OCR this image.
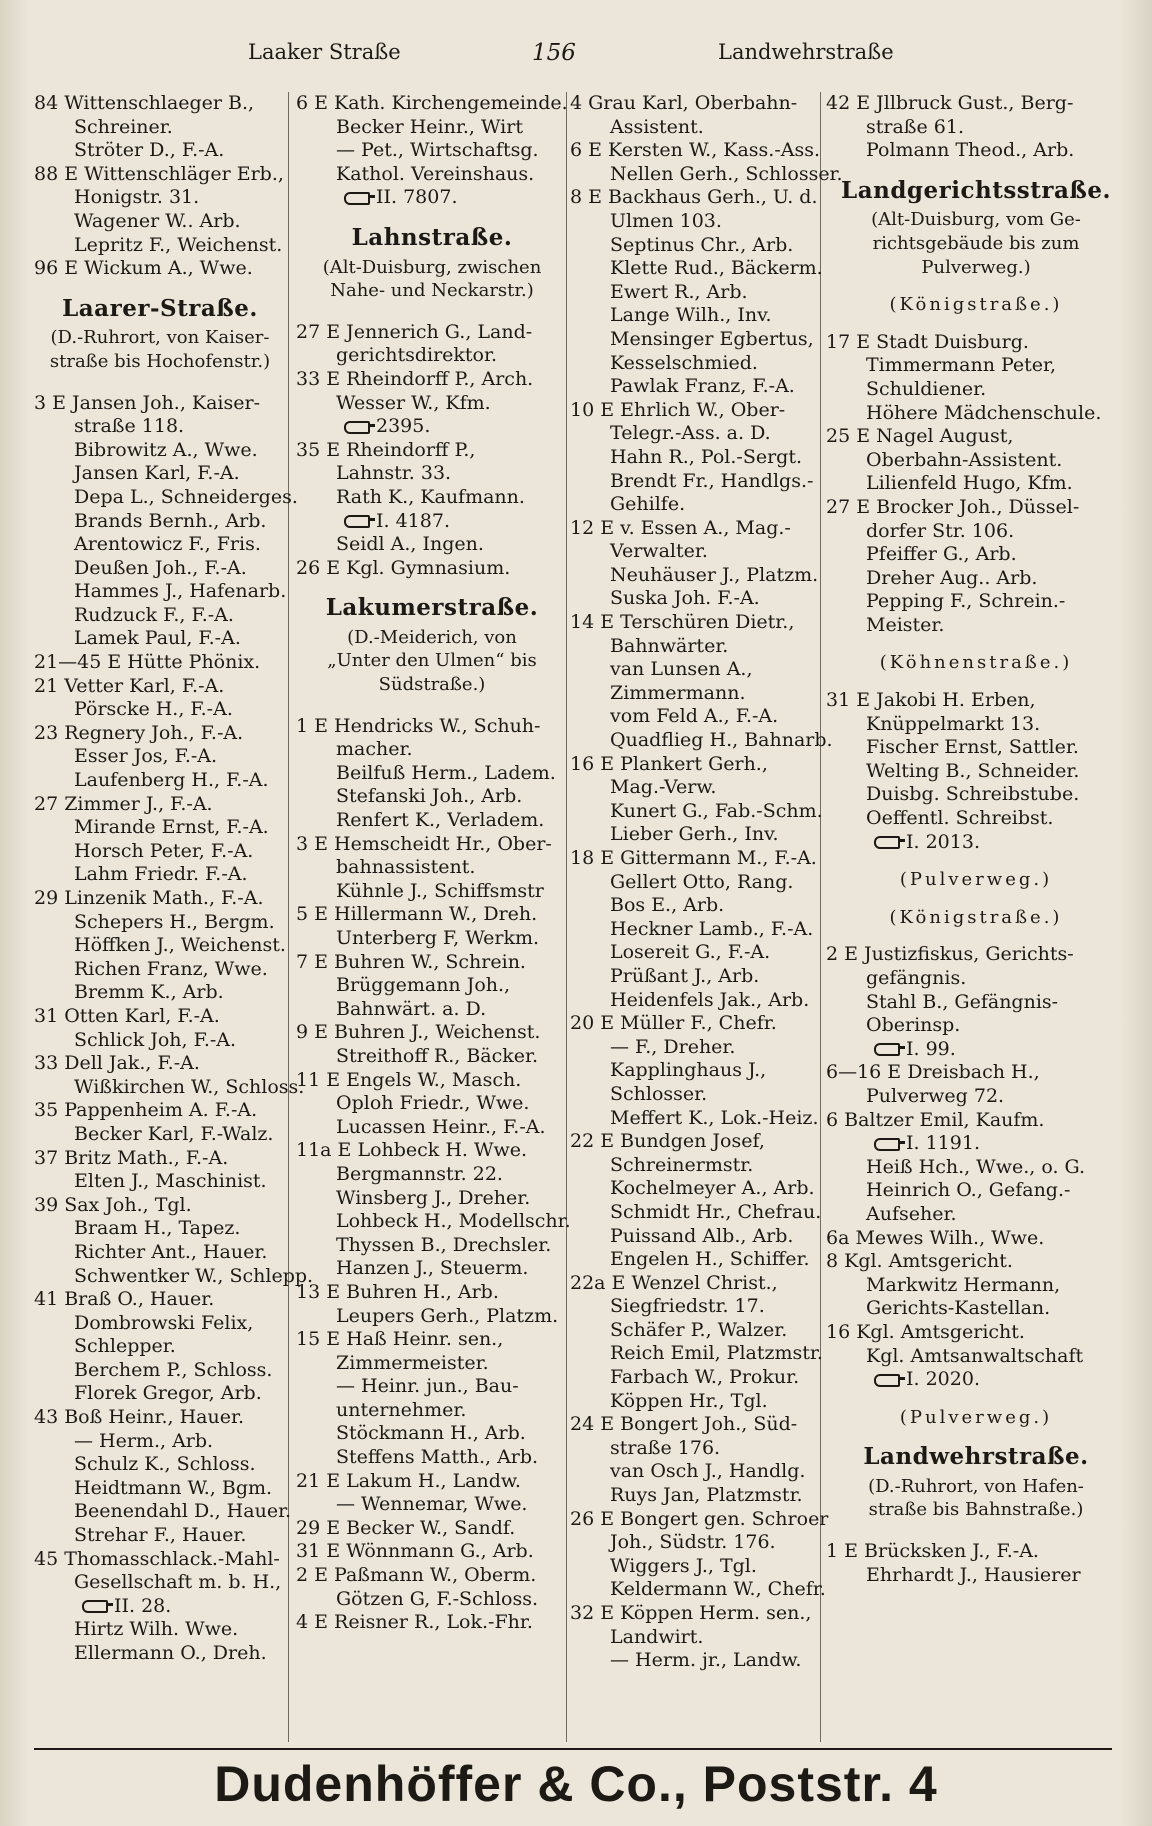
Laaker Straße	156	Landwehrstraße
84 Wittenschlaeger B.,
Schreiner.
Ströter D., F.-A.
88 E Wittenschläger Erb.,
Honigstr. 31.
Wagener W.. Arb.
Lepritz F., Weichenst.
96 E Wickum A., Wwe.
Laarer-Straße.
(D.-Ruhrort, von Kaiser-
straße bis Hochofenstr.)
3 E Jansen Joh., Kaiser-
straße 118.
Bibrowitz A., Wwe.
Jansen Karl, F.-A.
Depa L., Schneiderges.
Brands Bernh., Arb.
Arentowicz F., Fris.
Deußen Joh., F.-A.
Hammes J., Hafenarb.
Rudzuck F., F.-A.
Lamek Paul, F.-A.
21—45 E Hütte Phönix.
21 Vetter Karl, F.-A.
Pörscke H., F.-A.
23 Regnery Joh., F.-A.
Esser Jos, F.-A.
Laufenberg H., F.-A.
27 Zimmer J., F.-A.
Mirande Ernst, F.-A.
Horsch Peter, F.-A.
Lahm Friedr. F.-A.
29 Linzenik Math., F.-A.
Schepers H., Bergm.
Höffken J., Weichenst.
Richen Franz, Wwe.
Bremm K., Arb.
31 Otten Karl, F.-A.
Schlick Joh, F.-A.
33 Dell Jak., F.-A.
Wißkirchen W., Schloss.
35 Pappenheim A. F.-A.
Becker Karl, F.-Walz.
37 Britz Math., F.-A.
Elten J., Maschinist.
39 Sax Joh., Tgl.
Braam H., Tapez.
Richter Ant., Hauer.
Schwentker W., Schlepp.
41 Braß O., Hauer.
Dombrowski Felix,
Schlepper.
Berchem P., Schloss.
Florek Gregor, Arb.
43 Boß Heinr., Hauer.
— Herm., Arb.
Schulz K., Schloss.
Heidtmann W., Bgm.
Beenendahl D., Hauer.
Strehar F., Hauer.
45 Thomasschlack.-Mahl-
Gesellschaft m. b. H.,
II. 28.
Hirtz Wilh. Wwe.
Ellermann O., Dreh.
6 E Kath. Kirchengemeinde.
Becker Heinr., Wirt
— Pet., Wirtschaftsg.
Kathol. Vereinshaus.
II. 7807.
Lahnstraße.
(Alt-Duisburg, zwischen
Nahe- und Neckarstr.)
27 E Jennerich G., Land-
gerichtsdirektor.
33 E Rheindorff P., Arch.
Wesser W., Kfm.
2395.
35 E Rheindorff P.,
Lahnstr. 33.
Rath K., Kaufmann.
I. 4187.
Seidl A., Ingen.
26 E Kgl. Gymnasium.
Lakumerstraße.
(D.-Meiderich, von
„Unter den Ulmen“ bis
Südstraße.)
1 E Hendricks W., Schuh-
macher.
Beilfuß Herm., Ladem.
Stefanski Joh., Arb.
Renfert K., Verladem.
3 E Hemscheidt Hr., Ober-
bahnassistent.
Kühnle J., Schiffsmstr
5 E Hillermann W., Dreh.
Unterberg F, Werkm.
7 E Buhren W., Schrein.
Brüggemann Joh.,
Bahnwärt. a. D.
9 E Buhren J., Weichenst.
Streithoff R., Bäcker.
11 E Engels W., Masch.
Oploh Friedr., Wwe.
Lucassen Heinr., F.-A.
11a E Lohbeck H. Wwe.
Bergmannstr. 22.
Winsberg J., Dreher.
Lohbeck H., Modellschr.
Thyssen B., Drechsler.
Hanzen J., Steuerm.
13 E Buhren H., Arb.
Leupers Gerh., Platzm.
15 E Haß Heinr. sen.,
Zimmermeister.
— Heinr. jun., Bau-
unternehmer.
Stöckmann H., Arb.
Steffens Matth., Arb.
21 E Lakum H., Landw.
— Wennemar, Wwe.
29 E Becker W., Sandf.
31 E Wönnmann G., Arb.
2 E Paßmann W., Oberm.
Götzen G, F.-Schloss.
4 E Reisner R., Lok.-Fhr.
4 Grau Karl, Oberbahn-
Assistent.
6 E Kersten W., Kass.-Ass.
Nellen Gerh., Schlosser.
8 E Backhaus Gerh., U. d.
Ulmen 103.
Septinus Chr., Arb.
Klette Rud., Bäckerm.
Ewert R., Arb.
Lange Wilh., Inv.
Mensinger Egbertus,
Kesselschmied.
Pawlak Franz, F.-A.
10 E Ehrlich W., Ober-
Telegr.-Ass. a. D.
Hahn R., Pol.-Sergt.
Brendt Fr., Handlgs.-
Gehilfe.
12 E v. Essen A., Mag.-
Verwalter.
Neuhäuser J., Platzm.
Suska Joh. F.-A.
14 E Terschüren Dietr.,
Bahnwärter.
van Lunsen A.,
Zimmermann.
vom Feld A., F.-A.
Quadflieg H., Bahnarb.
16 E Plankert Gerh.,
Mag.-Verw.
Kunert G., Fab.-Schm.
Lieber Gerh., Inv.
18 E Gittermann M., F.-A.
Gellert Otto, Rang.
Bos E., Arb.
Heckner Lamb., F.-A.
Losereit G., F.-A.
Prüßant J., Arb.
Heidenfels Jak., Arb.
20 E Müller F., Chefr.
— F., Dreher.
Kapplinghaus J.,
Schlosser.
Meffert K., Lok.-Heiz.
22 E Bundgen Josef,
Schreinermstr.
Kochelmeyer A., Arb.
Schmidt Hr., Chefrau.
Puissand Alb., Arb.
Engelen H., Schiffer.
22a E Wenzel Christ.,
Siegfriedstr. 17.
Schäfer P., Walzer.
Reich Emil, Platzmstr.
Farbach W., Prokur.
Köppen Hr., Tgl.
24 E Bongert Joh., Süd-
straße 176.
van Osch J., Handlg.
Ruys Jan, Platzmstr.
26 E Bongert gen. Schroer
Joh., Südstr. 176.
Wiggers J., Tgl.
Keldermann W., Chefr.
32 E Köppen Herm. sen.,
Landwirt.
— Herm. jr., Landw.
42 E Jllbruck Gust., Berg-
straße 61.
Polmann Theod., Arb.
Landgerichtsstraße.
(Alt-Duisburg, vom Ge-
richtsgebäude bis zum
Pulverweg.)
(Königstraße.)
17 E Stadt Duisburg.
Timmermann Peter,
Schuldiener.
Höhere Mädchenschule.
25 E Nagel August,
Oberbahn-Assistent.
Lilienfeld Hugo, Kfm.
27 E Brocker Joh., Düssel-
dorfer Str. 106.
Pfeiffer G., Arb.
Dreher Aug.. Arb.
Pepping F., Schrein.-
Meister.
(Köhnenstraße.)
31 E Jakobi H. Erben,
Knüppelmarkt 13.
Fischer Ernst, Sattler.
Welting B., Schneider.
Duisbg. Schreibstube.
Oeffentl. Schreibst.
I. 2013.
(Pulverweg.)
(Königstraße.)
2 E Justizfiskus, Gerichts-
gefängnis.
Stahl B., Gefängnis-
Oberinsp.
I. 99.
6—16 E Dreisbach H.,
Pulverweg 72.
6 Baltzer Emil, Kaufm.
I. 1191.
Heiß Hch., Wwe., o. G.
Heinrich O., Gefang.-
Aufseher.
6a Mewes Wilh., Wwe.
8 Kgl. Amtsgericht.
Markwitz Hermann,
Gerichts-Kastellan.
16 Kgl. Amtsgericht.
Kgl. Amtsanwaltschaft
I. 2020.
(Pulverweg.)
Landwehrstraße.
(D.-Ruhrort, von Hafen-
straße bis Bahnstraße.)
1 E Brücksken J., F.-A.
Ehrhardt J., Hausierer
Dudenhöffer & Co., Poststr. 4
